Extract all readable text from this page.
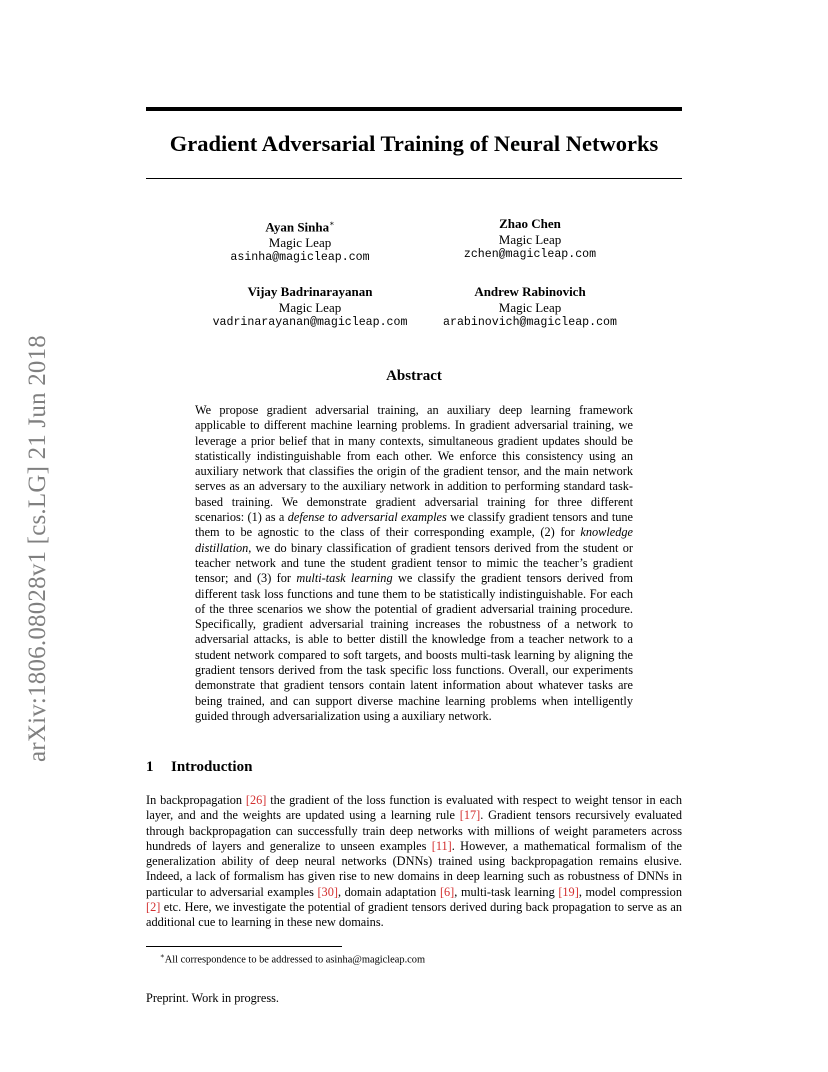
arXiv:1806.08028v1 [cs.LG] 21 Jun 2018
Gradient Adversarial Training of Neural Networks
Ayan Sinha∗
Magic Leap
asinha@magicleap.com
Zhao Chen
Magic Leap
zchen@magicleap.com
Vijay Badrinarayanan
Magic Leap
vadrinarayanan@magicleap.com
Andrew Rabinovich
Magic Leap
arabinovich@magicleap.com
Abstract

We propose gradient adversarial training, an auxiliary deep learning framework applicable to different machine learning problems. In gradient adversarial training, we leverage a prior belief that in many contexts, simultaneous gradient updates should be statistically indistinguishable from each other. We enforce this consistency using an auxiliary network that classifies the origin of the gradient tensor, and the main network serves as an adversary to the auxiliary network in addition to performing standard task-based training. We demonstrate gradient adversarial training for three different scenarios: (1) as a defense to adversarial examples we classify gradient tensors and tune them to be agnostic to the class of their corresponding example, (2) for knowledge distillation, we do binary classification of gradient tensors derived from the student or teacher network and tune the student gradient tensor to mimic the teacher’s gradient tensor; and (3) for multi-task learning we classify the gradient tensors derived from different task loss functions and tune them to be statistically indistinguishable. For each of the three scenarios we show the potential of gradient adversarial training procedure. Specifically, gradient adversarial training increases the robustness of a network to adversarial attacks, is able to better distill the knowledge from a teacher network to a student network compared to soft targets, and boosts multi-task learning by aligning the gradient tensors derived from the task specific loss functions. Overall, our experiments demonstrate that gradient tensors contain latent information about whatever tasks are being trained, and can support diverse machine learning problems when intelligently guided through adversarialization using a auxiliary network.

1 Introduction

In backpropagation [26] the gradient of the loss function is evaluated with respect to weight tensor in each layer, and and the weights are updated using a learning rule [17]. Gradient tensors recursively evaluated through backpropagation can successfully train deep networks with millions of weight parameters across hundreds of layers and generalize to unseen examples [11]. However, a mathematical formalism of the generalization ability of deep neural networks (DNNs) trained using backpropagation remains elusive. Indeed, a lack of formalism has given rise to new domains in deep learning such as robustness of DNNs in particular to adversarial examples [30], domain adaptation [6], multi-task learning [19], model compression [2] etc. Here, we investigate the potential of gradient tensors derived during back propagation to serve as an additional cue to learning in these new domains.

∗All correspondence to be addressed to asinha@magicleap.com
Preprint. Work in progress.
